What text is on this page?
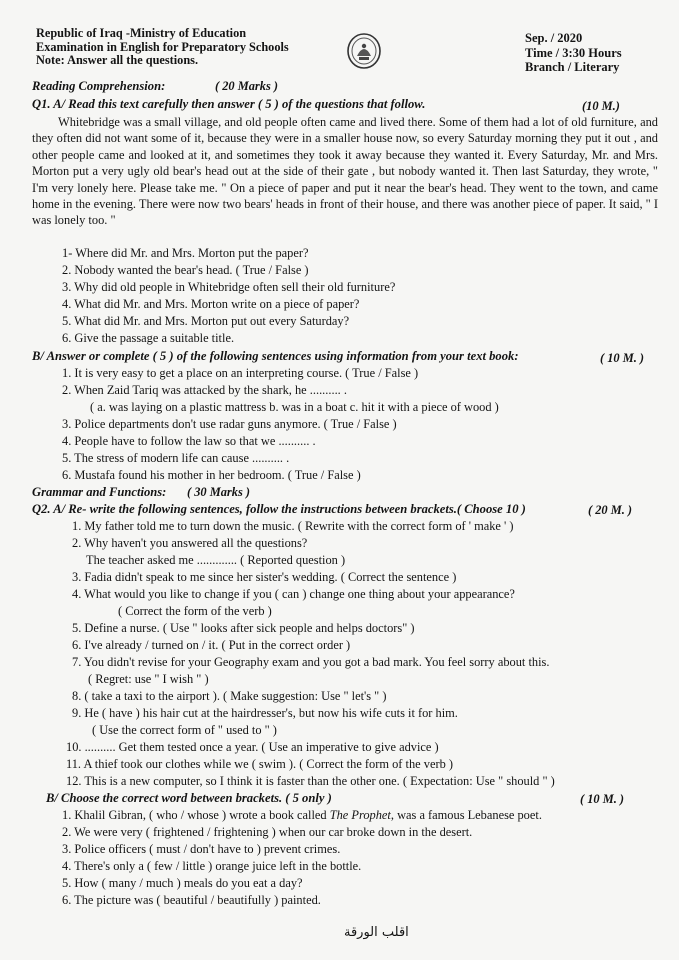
Republic of Iraq -Ministry of Education
Examination in English for Preparatory Schools
Note: Answer all the questions.
Sep. / 2020
Time / 3:30 Hours
Branch / Literary
Reading Comprehension:	( 20 Marks )
Q1. A/ Read this text carefully then answer ( 5 ) of the questions that follow.	(10 M.)

Whitebridge was a small village, and old people often came and lived there. Some of them had a lot of old furniture, and they often did not want some of it, because they were in a smaller house now, so every Saturday morning they put it out , and other people came and looked at it, and sometimes they took it away because they wanted it. Every Saturday, Mr. and Mrs. Morton put a very ugly old bear's head out at the side of their gate , but nobody wanted it. Then last Saturday, they wrote, " I'm very lonely here. Please take me. " On a piece of paper and put it near the bear's head. They went to the town, and came home in the evening. There were now two bears' heads in front of their house, and there was another piece of paper. It said, " I was lonely too. "

1- Where did Mr. and Mrs. Morton put the paper?
2. Nobody wanted the bear's head. ( True / False )
3. Why did old people in Whitebridge often sell their old furniture?
4. What did Mr. and Mrs. Morton write on a piece of paper?
5. What did Mr. and Mrs. Morton put out every Saturday?
6. Give the passage a suitable title.
B/ Answer or complete ( 5 ) of the following sentences using information from your text book:	( 10 M. )
1. It is very easy to get a place on an interpreting course. ( True / False )
2. When Zaid Tariq was attacked by the shark, he .......... .
( a. was laying on a plastic mattress b. was in a boat c. hit it with a piece of wood )
3. Police departments don't use radar guns anymore. ( True / False )
4. People have to follow the law so that we .......... .
5. The stress of modern life can cause .......... .
6. Mustafa found his mother in her bedroom. ( True / False )
Grammar and Functions: ( 30 Marks )
Q2. A/ Re- write the following sentences, follow the instructions between brackets.( Choose 10 )	( 20 M. )
1. My father told me to turn down the music. ( Rewrite with the correct form of ' make ' )
2. Why haven't you answered all the questions?
The teacher asked me ............. ( Reported question )
3. Fadia didn't speak to me since her sister's wedding. ( Correct the sentence )
4. What would you like to change if you ( can ) change one thing about your appearance?
( Correct the form of the verb )
5. Define a nurse. ( Use " looks after sick people and helps doctors" )
6. I've already / turned on / it. ( Put in the correct order )
7. You didn't revise for your Geography exam and you got a bad mark. You feel sorry about this.
( Regret: use " I wish " )
8. ( take a taxi to the airport ). ( Make suggestion: Use " let's " )
9. He ( have ) his hair cut at the hairdresser's, but now his wife cuts it for him.
( Use the correct form of " used to " )
10. .......... Get them tested once a year. ( Use an imperative to give advice )
11. A thief took our clothes while we ( swim ). ( Correct the form of the verb )
12. This is a new computer, so I think it is faster than the other one. ( Expectation: Use " should " )
B/ Choose the correct word between brackets. ( 5 only )	( 10 M. )
1. Khalil Gibran, ( who / whose ) wrote a book called The Prophet, was a famous Lebanese poet.
2. We were very ( frightened / frightening ) when our car broke down in the desert.
3. Police officers ( must / don't have to ) prevent crimes.
4. There's only a ( few / little ) orange juice left in the bottle.
5. How ( many / much ) meals do you eat a day?
6. The picture was ( beautiful / beautifully ) painted.
اقلب الورقة
